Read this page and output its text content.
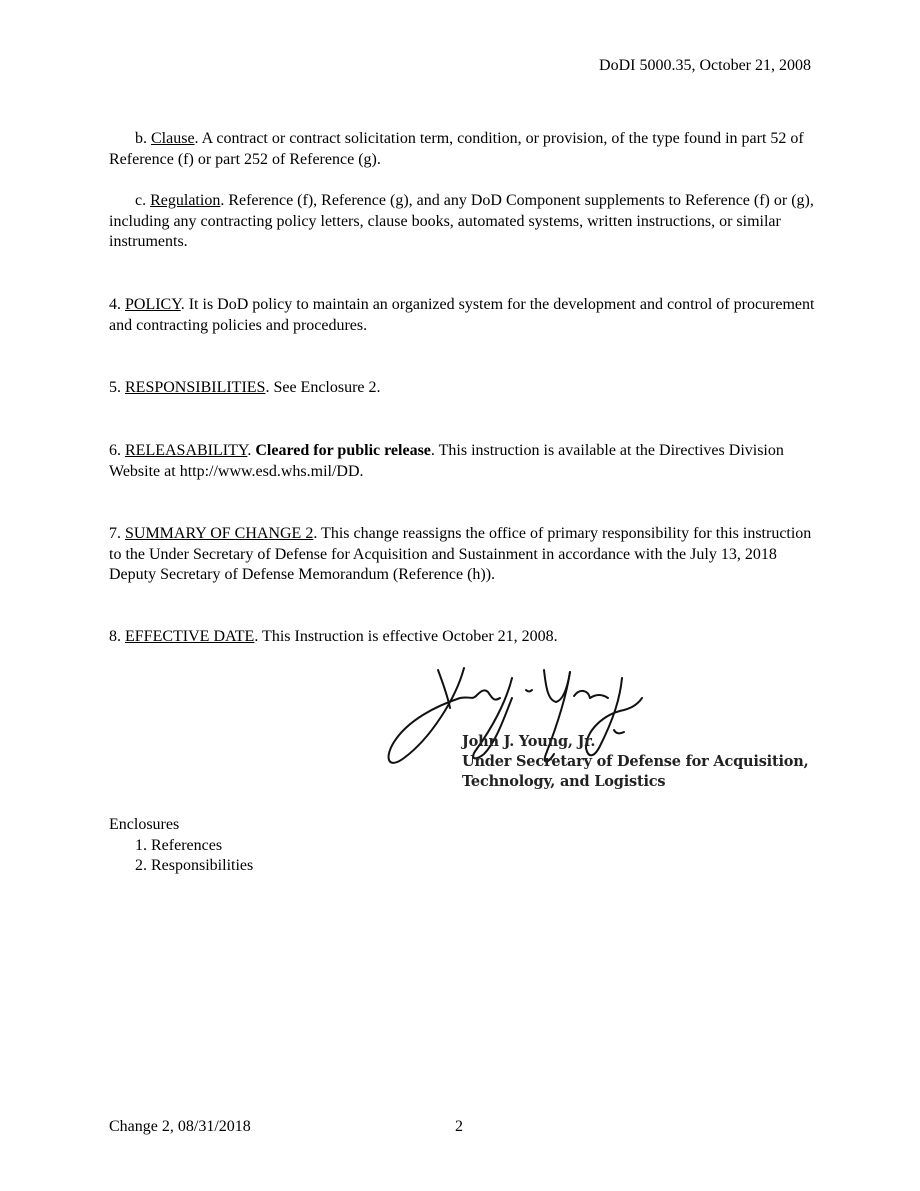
DoDI 5000.35, October 21, 2008

b. Clause. A contract or contract solicitation term, condition, or provision, of the type found in part 52 of Reference (f) or part 252 of Reference (g).

c. Regulation. Reference (f), Reference (g), and any DoD Component supplements to Reference (f) or (g), including any contracting policy letters, clause books, automated systems, written instructions, or similar instruments.

4. POLICY. It is DoD policy to maintain an organized system for the development and control of procurement and contracting policies and procedures.

5. RESPONSIBILITIES. See Enclosure 2.

6. RELEASABILITY. Cleared for public release. This instruction is available at the Directives Division Website at http://www.esd.whs.mil/DD.

7. SUMMARY OF CHANGE 2. This change reassigns the office of primary responsibility for this instruction to the Under Secretary of Defense for Acquisition and Sustainment in accordance with the July 13, 2018 Deputy Secretary of Defense Memorandum (Reference (h)).

8. EFFECTIVE DATE. This Instruction is effective October 21, 2008.

John J. Young, Jr.
Under Secretary of Defense for Acquisition,
Technology, and Logistics
Enclosures
1. References
2. Responsibilities
Change 2, 08/31/2018	2
